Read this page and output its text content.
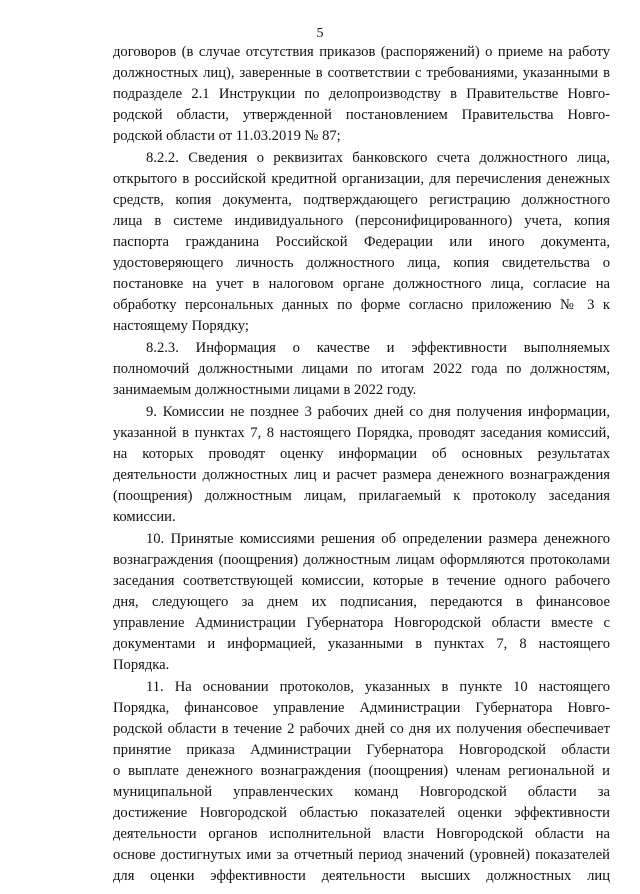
5
договоров (в случае отсутствия приказов (распоряжений) о приеме на работу
должностных лиц), заверенные в соответствии с требованиями, указанными в
подразделе 2.1 Инструкции по делопроизводству в Правительстве Новго-
родской области, утвержденной постановлением Правительства Новго-
родской области от 11.03.2019 № 87;
8.2.2. Сведения о реквизитах банковского счета должностного лица,
открытого в российской кредитной организации, для перечисления денежных
средств, копия документа, подтверждающего регистрацию должностного
лица в системе индивидуального (персонифицированного) учета, копия
паспорта гражданина Российской Федерации или иного документа,
удостоверяющего личность должностного лица, копия свидетельства о
постановке на учет в налоговом органе должностного лица, согласие на
обработку персональных данных по форме согласно приложению № 3 к
настоящему Порядку;
8.2.3. Информация о качестве и эффективности выполняемых
полномочий должностными лицами по итогам 2022 года по должностям,
занимаемым должностными лицами в 2022 году.
9. Комиссии не позднее 3 рабочих дней со дня получения информации,
указанной в пунктах 7, 8 настоящего Порядка, проводят заседания комиссий,
на которых проводят оценку информации об основных результатах
деятельности должностных лиц и расчет размера денежного вознаграждения
(поощрения) должностным лицам, прилагаемый к протоколу заседания
комиссии.
10. Принятые комиссиями решения об определении размера денежного
вознаграждения (поощрения) должностным лицам оформляются протоколами
заседания соответствующей комиссии, которые в течение одного рабочего
дня, следующего за днем их подписания, передаются в финансовое
управление Администрации Губернатора Новгородской области вместе с
документами и информацией, указанными в пунктах 7, 8 настоящего
Порядка.
11. На основании протоколов, указанных в пункте 10 настоящего
Порядка, финансовое управление Администрации Губернатора Новго-
родской области в течение 2 рабочих дней со дня их получения обеспечивает
принятие приказа Администрации Губернатора Новгородской области
о выплате денежного вознаграждения (поощрения) членам региональной и
муниципальной управленческих команд Новгородской области за
достижение Новгородской областью показателей оценки эффективности
деятельности органов исполнительной власти Новгородской области на
основе достигнутых ими за отчетный период значений (уровней) показателей
для оценки эффективности деятельности высших должностных лиц
